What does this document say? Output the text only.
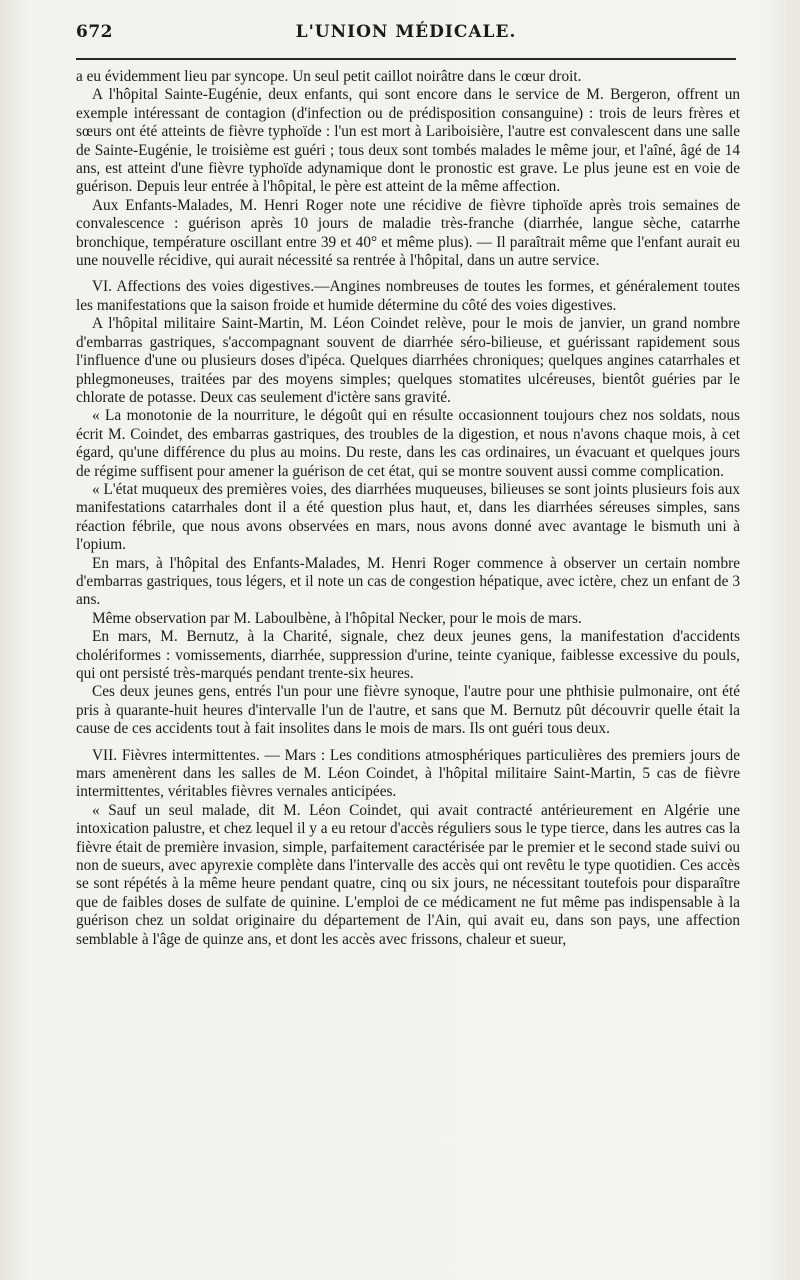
672	L'UNION MÉDICALE.

a eu évidemment lieu par syncope. Un seul petit caillot noirâtre dans le cœur droit.

A l'hôpital Sainte-Eugénie, deux enfants, qui sont encore dans le service de M. Bergeron, offrent un exemple intéressant de contagion (d'infection ou de prédisposition consanguine) : trois de leurs frères et sœurs ont été atteints de fièvre typhoïde : l'un est mort à Lariboisière, l'autre est convalescent dans une salle de Sainte-Eugénie, le troisième est guéri ; tous deux sont tombés malades le même jour, et l'aîné, âgé de 14 ans, est atteint d'une fièvre typhoïde adynamique dont le pronostic est grave. Le plus jeune est en voie de guérison. Depuis leur entrée à l'hôpital, le père est atteint de la même affection.

Aux Enfants-Malades, M. Henri Roger note une récidive de fièvre tiphoïde après trois semaines de convalescence : guérison après 10 jours de maladie très-franche (diarrhée, langue sèche, catarrhe bronchique, température oscillant entre 39 et 40° et même plus). — Il paraîtrait même que l'enfant aurait eu une nouvelle récidive, qui aurait nécessité sa rentrée à l'hôpital, dans un autre service.

VI. Affections des voies digestives.—Angines nombreuses de toutes les formes, et généralement toutes les manifestations que la saison froide et humide détermine du côté des voies digestives.

A l'hôpital militaire Saint-Martin, M. Léon Coindet relève, pour le mois de janvier, un grand nombre d'embarras gastriques, s'accompagnant souvent de diarrhée séro-bilieuse, et guérissant rapidement sous l'influence d'une ou plusieurs doses d'ipéca. Quelques diarrhées chroniques; quelques angines catarrhales et phlegmoneuses, traitées par des moyens simples; quelques stomatites ulcéreuses, bientôt guéries par le chlorate de potasse. Deux cas seulement d'ictère sans gravité.

« La monotonie de la nourriture, le dégoût qui en résulte occasionnent toujours chez nos soldats, nous écrit M. Coindet, des embarras gastriques, des troubles de la digestion, et nous n'avons chaque mois, à cet égard, qu'une différence du plus au moins. Du reste, dans les cas ordinaires, un évacuant et quelques jours de régime suffisent pour amener la guérison de cet état, qui se montre souvent aussi comme complication.

« L'état muqueux des premières voies, des diarrhées muqueuses, bilieuses se sont joints plusieurs fois aux manifestations catarrhales dont il a été question plus haut, et, dans les diarrhées séreuses simples, sans réaction fébrile, que nous avons observées en mars, nous avons donné avec avantage le bismuth uni à l'opium.

En mars, à l'hôpital des Enfants-Malades, M. Henri Roger commence à observer un certain nombre d'embarras gastriques, tous légers, et il note un cas de congestion hépatique, avec ictère, chez un enfant de 3 ans.

Même observation par M. Laboulbène, à l'hôpital Necker, pour le mois de mars.

En mars, M. Bernutz, à la Charité, signale, chez deux jeunes gens, la manifestation d'accidents cholériformes : vomissements, diarrhée, suppression d'urine, teinte cyanique, faiblesse excessive du pouls, qui ont persisté très-marqués pendant trente-six heures.

Ces deux jeunes gens, entrés l'un pour une fièvre synoque, l'autre pour une phthisie pulmonaire, ont été pris à quarante-huit heures d'intervalle l'un de l'autre, et sans que M. Bernutz pût découvrir quelle était la cause de ces accidents tout à fait insolites dans le mois de mars. Ils ont guéri tous deux.

VII. Fièvres intermittentes. — Mars : Les conditions atmosphériques particulières des premiers jours de mars amenèrent dans les salles de M. Léon Coindet, à l'hôpital militaire Saint-Martin, 5 cas de fièvre intermittentes, véritables fièvres vernales anticipées.

« Sauf un seul malade, dit M. Léon Coindet, qui avait contracté antérieurement en Algérie une intoxication palustre, et chez lequel il y a eu retour d'accès réguliers sous le type tierce, dans les autres cas la fièvre était de première invasion, simple, parfaitement caractérisée par le premier et le second stade suivi ou non de sueurs, avec apyrexie complète dans l'intervalle des accès qui ont revêtu le type quotidien. Ces accès se sont répétés à la même heure pendant quatre, cinq ou six jours, ne nécessitant toutefois pour disparaître que de faibles doses de sulfate de quinine. L'emploi de ce médicament ne fut même pas indispensable à la guérison chez un soldat originaire du département de l'Ain, qui avait eu, dans son pays, une affection semblable à l'âge de quinze ans, et dont les accès avec frissons, chaleur et sueur,
